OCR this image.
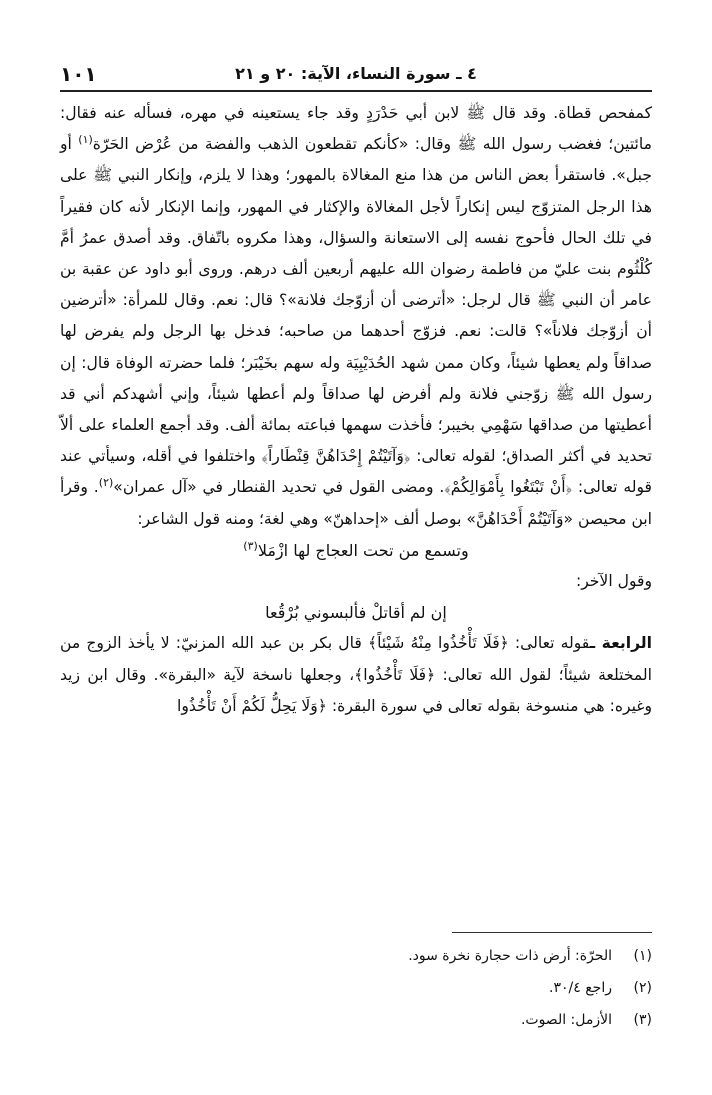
٤ ـ سورة النساء، الآية: ٢٠ و ٢١
١٠١

كمفحص قطاة. وقد قال ﷺ لابن أبي حَدْرَدٍ وقد جاء يستعينه في مهره، فسأله عنه فقال: مائتين؛ فغضب رسول الله ﷺ وقال: «كأنكم تقطعون الذهب والفضة من عُرْض الحَرّة$^{(١)}$ أو جبل». فاستقرأ بعض الناس من هذا منع المغالاة بالمهور؛ وهذا لا يلزم، وإنكار النبي ﷺ على هذا الرجل المتزوّج ليس إنكاراً لأجل المغالاة والإكثار في المهور، وإنما الإنكار لأنه كان فقيراً في تلك الحال فأحوج نفسه إلى الاستعانة والسؤال، وهذا مكروه باتّفاق. وقد أصدق عمرُ أمَّ كُلْثُوم بنت عليّ من فاطمة رضوان الله عليهم أربعين ألف درهم. وروى أبو داود عن عقبة بن عامر أن النبي ﷺ قال لرجل: «أترضى أن أزوّجك فلانة»؟ قال: نعم. وقال للمرأة: «أترضين أن أزوّجك فلاناً»؟ قالت: نعم. فزوّج أحدهما من صاحبه؛ فدخل بها الرجل ولم يفرض لها صداقاً ولم يعطها شيئاً، وكان ممن شهد الحُدَيْبِيَة وله سهم بخَيْبَر؛ فلما حضرته الوفاة قال: إن رسول الله ﷺ زوّجني فلانة ولم أفرض لها صداقاً ولم أعطها شيئاً، وإني أشهدكم أني قد أعطيتها من صداقها سَهْمِي بخيبر؛ فأخذت سهمها فباعته بمائة ألف. وقد أجمع العلماء على ألاّ تحديد في أكثر الصداق؛ لقوله تعالى: ﴿وَآتَيْتُمْ إِحْدَاهُنَّ قِنْطَاراً﴾ واختلفوا في أقله، وسيأتي عند قوله تعالى: ﴿أَنْ تَبْتَغُوا بِأَمْوَالِكُمْ﴾. ومضى القول في تحديد القنطار في «آل عمران»$^{(٢)}$. وقرأ ابن محيصن «وَآتَيْتُمْ أَحْدَاهُنَّ» بوصل ألف «إحداهنّ» وهي لغة؛ ومنه قول الشاعر:

وتسمع من تحت العجاج لها ازْمَلا$^{(٣)}$

وقول الآخر:

إن لم أقاتلْ فألبسوني بُرْقُعا

الرابعة ـقوله تعالى: ﴿فَلَا تَأْخُذُوا مِنْهُ شَيْئاً﴾ قال بكر بن عبد الله المزنيّ: لا يأخذ الزوج من المختلعة شيئاً؛ لقول الله تعالى: ﴿فَلَا تَأْخُذُوا﴾، وجعلها ناسخة لآية «البقرة». وقال ابن زيد وغيره: هي منسوخة بقوله تعالى في سورة البقرة: ﴿وَلَا يَحِلُّ لَكُمْ أَنْ تَأْخُذُوا

(١)
الحرّة: أرض ذات حجارة نخرة سود.
(٢)
راجع ٣٠/٤.
(٣)
الأزمل: الصوت.
